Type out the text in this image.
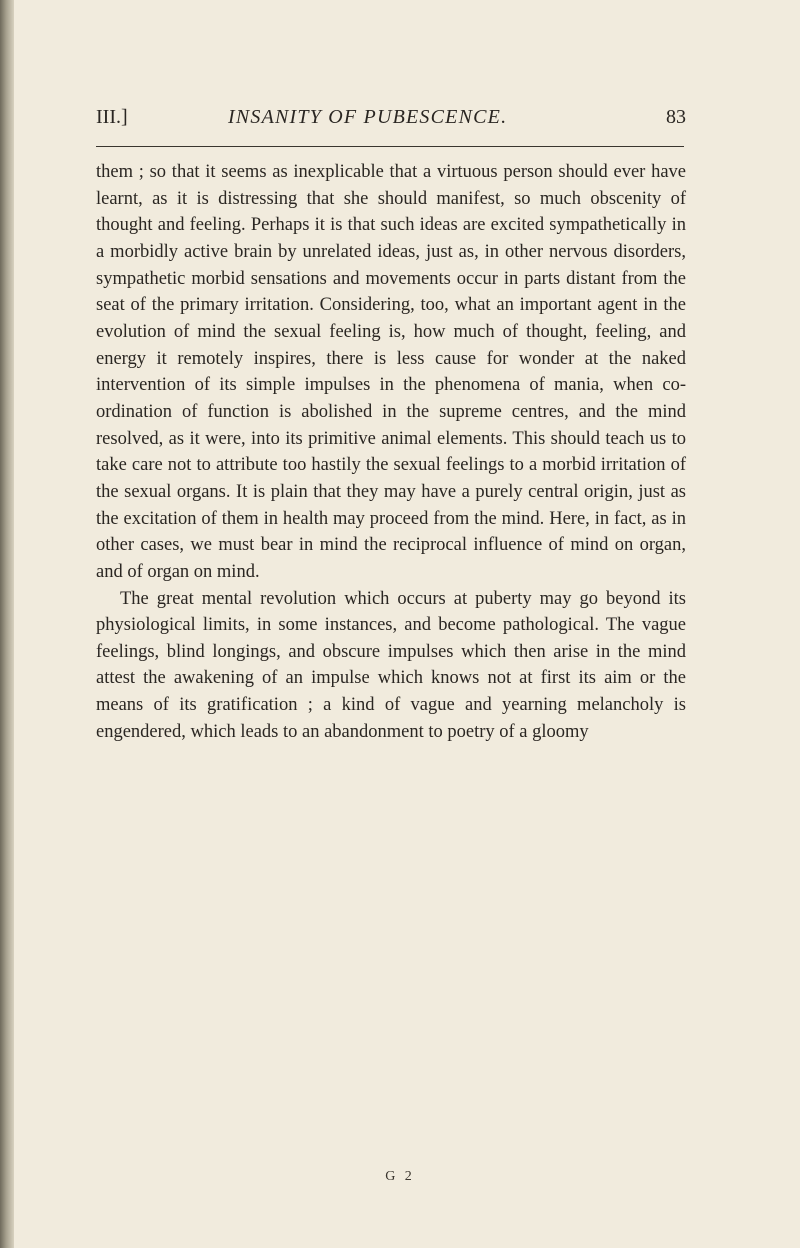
III.]	INSANITY OF PUBESCENCE.	83

them ; so that it seems as inexplicable that a virtuous person should ever have learnt, as it is distressing that she should manifest, so much obscenity of thought and feeling. Perhaps it is that such ideas are excited sympathetically in a morbidly active brain by unrelated ideas, just as, in other nervous disorders, sympathetic morbid sensations and movements occur in parts distant from the seat of the primary irritation. Considering, too, what an important agent in the evolution of mind the sexual feeling is, how much of thought, feeling, and energy it remotely inspires, there is less cause for wonder at the naked intervention of its simple impulses in the phenomena of mania, when co-ordination of function is abolished in the supreme centres, and the mind resolved, as it were, into its primitive animal elements. This should teach us to take care not to attribute too hastily the sexual feelings to a morbid irritation of the sexual organs. It is plain that they may have a purely central origin, just as the excitation of them in health may proceed from the mind. Here, in fact, as in other cases, we must bear in mind the reciprocal influence of mind on organ, and of organ on mind.

The great mental revolution which occurs at puberty may go beyond its physiological limits, in some instances, and become pathological. The vague feelings, blind longings, and obscure impulses which then arise in the mind attest the awakening of an impulse which knows not at first its aim or the means of its gratification ; a kind of vague and yearning melancholy is engendered, which leads to an abandonment to poetry of a gloomy

G 2
